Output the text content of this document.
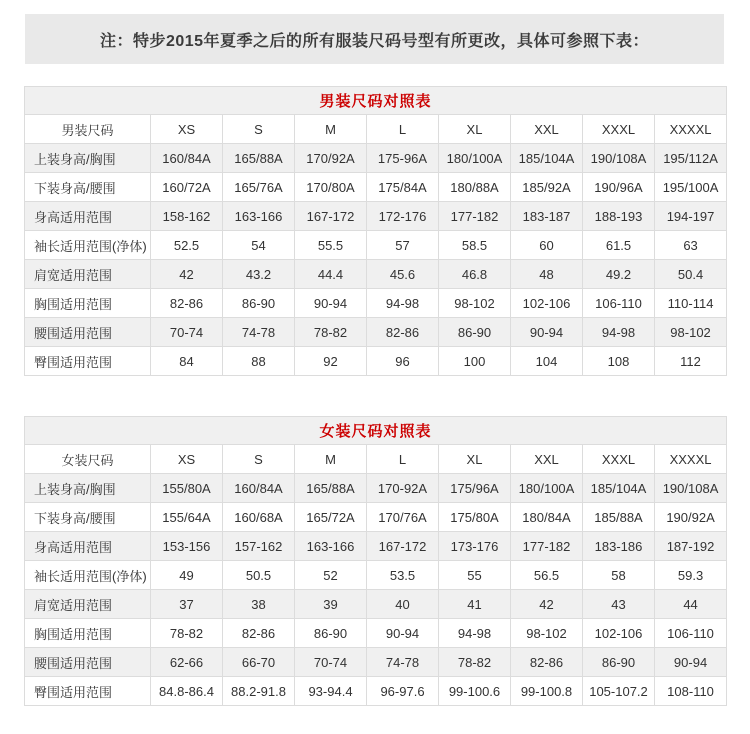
注：特步2015年夏季之后的所有服装尺码号型有所更改，具体可参照下表：
男装尺码对照表								
男装尺码	XS	S	M	L	XL	XXL	XXXL	XXXXL
上装身高/胸围	160/84A	165/88A	170/92A	175-96A	180/100A	185/104A	190/108A	195/112A
下装身高/腰围	160/72A	165/76A	170/80A	175/84A	180/88A	185/92A	190/96A	195/100A
身高适用范围	158-162	163-166	167-172	172-176	177-182	183-187	188-193	194-197
袖长适用范围(净体)	52.5	54	55.5	57	58.5	60	61.5	63
肩宽适用范围	42	43.2	44.4	45.6	46.8	48	49.2	50.4
胸围适用范围	82-86	86-90	90-94	94-98	98-102	102-106	106-110	110-114
腰围适用范围	70-74	74-78	78-82	82-86	86-90	90-94	94-98	98-102
臀围适用范围	84	88	92	96	100	104	108	112
女装尺码对照表								
女装尺码	XS	S	M	L	XL	XXL	XXXL	XXXXL
上装身高/胸围	155/80A	160/84A	165/88A	170-92A	175/96A	180/100A	185/104A	190/108A
下装身高/腰围	155/64A	160/68A	165/72A	170/76A	175/80A	180/84A	185/88A	190/92A
身高适用范围	153-156	157-162	163-166	167-172	173-176	177-182	183-186	187-192
袖长适用范围(净体)	49	50.5	52	53.5	55	56.5	58	59.3
肩宽适用范围	37	38	39	40	41	42	43	44
胸围适用范围	78-82	82-86	86-90	90-94	94-98	98-102	102-106	106-110
腰围适用范围	62-66	66-70	70-74	74-78	78-82	82-86	86-90	90-94
臀围适用范围	84.8-86.4	88.2-91.8	93-94.4	96-97.6	99-100.6	99-100.8	105-107.2	108-110
